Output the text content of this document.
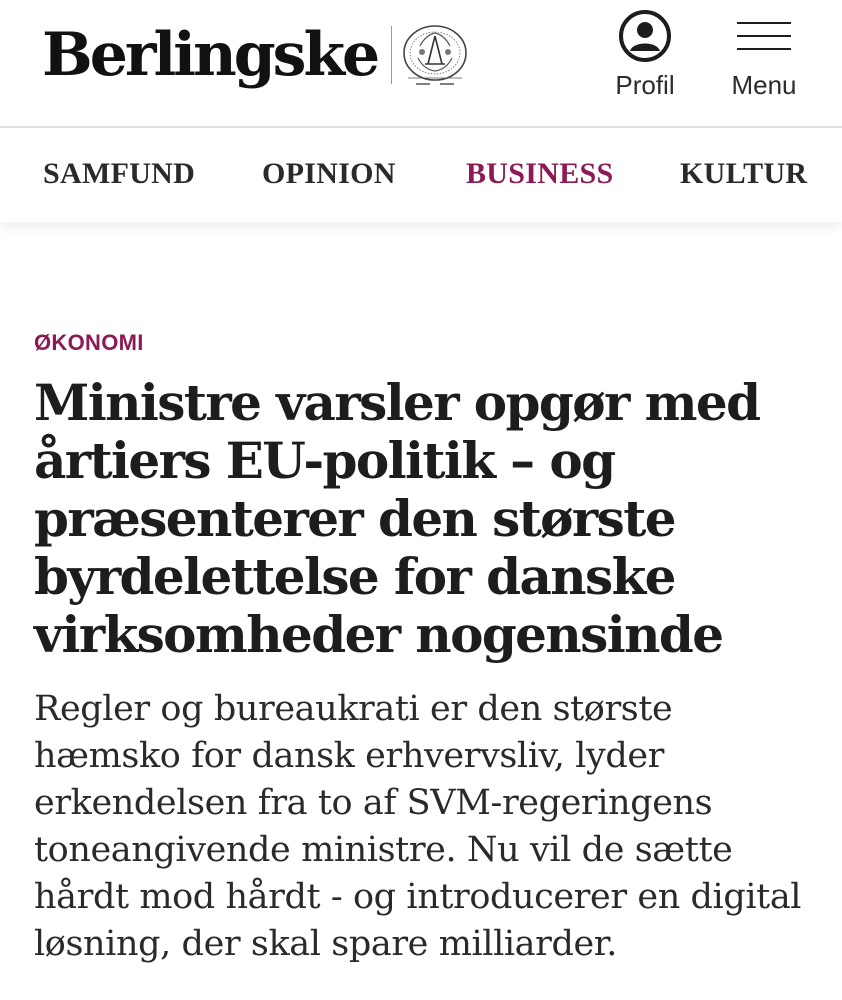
Berlingske	Profil Menu
SAMFUND OPINION BUSINESS KULTUR
ØKONOMI
Ministre varsler opgør med årtiers EU-politik – og præsenterer den største byrdelettelse for danske virksomheder nogensinde

Regler og bureaukrati er den største hæmsko for dansk erhvervsliv, lyder erkendelsen fra to af SVM-regeringens toneangivende ministre. Nu vil de sætte hårdt mod hårdt - og introducerer en digital løsning, der skal spare milliarder.
